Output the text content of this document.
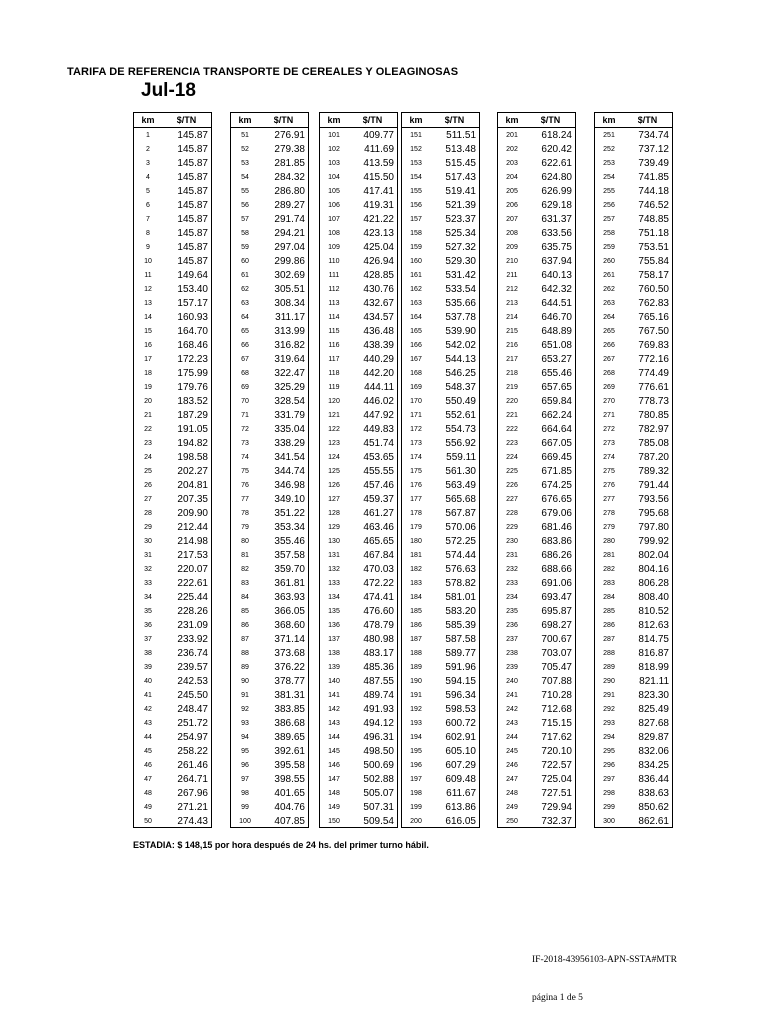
TARIFA DE REFERENCIA TRANSPORTE DE CEREALES Y OLEAGINOSAS
Jul-18
km	$/TN
1	145.87
2	145.87
3	145.87
4	145.87
5	145.87
6	145.87
7	145.87
8	145.87
9	145.87
10	145.87
11	149.64
12	153.40
13	157.17
14	160.93
15	164.70
16	168.46
17	172.23
18	175.99
19	179.76
20	183.52
21	187.29
22	191.05
23	194.82
24	198.58
25	202.27
26	204.81
27	207.35
28	209.90
29	212.44
30	214.98
31	217.53
32	220.07
33	222.61
34	225.44
35	228.26
36	231.09
37	233.92
38	236.74
39	239.57
40	242.53
41	245.50
42	248.47
43	251.72
44	254.97
45	258.22
46	261.46
47	264.71
48	267.96
49	271.21
50	274.43
km	$/TN
51	276.91
52	279.38
53	281.85
54	284.32
55	286.80
56	289.27
57	291.74
58	294.21
59	297.04
60	299.86
61	302.69
62	305.51
63	308.34
64	311.17
65	313.99
66	316.82
67	319.64
68	322.47
69	325.29
70	328.54
71	331.79
72	335.04
73	338.29
74	341.54
75	344.74
76	346.98
77	349.10
78	351.22
79	353.34
80	355.46
81	357.58
82	359.70
83	361.81
84	363.93
85	366.05
86	368.60
87	371.14
88	373.68
89	376.22
90	378.77
91	381.31
92	383.85
93	386.68
94	389.65
95	392.61
96	395.58
97	398.55
98	401.65
99	404.76
100	407.85
km	$/TN
101	409.77
102	411.69
103	413.59
104	415.50
105	417.41
106	419.31
107	421.22
108	423.13
109	425.04
110	426.94
111	428.85
112	430.76
113	432.67
114	434.57
115	436.48
116	438.39
117	440.29
118	442.20
119	444.11
120	446.02
121	447.92
122	449.83
123	451.74
124	453.65
125	455.55
126	457.46
127	459.37
128	461.27
129	463.46
130	465.65
131	467.84
132	470.03
133	472.22
134	474.41
135	476.60
136	478.79
137	480.98
138	483.17
139	485.36
140	487.55
141	489.74
142	491.93
143	494.12
144	496.31
145	498.50
146	500.69
147	502.88
148	505.07
149	507.31
150	509.54
km	$/TN
151	511.51
152	513.48
153	515.45
154	517.43
155	519.41
156	521.39
157	523.37
158	525.34
159	527.32
160	529.30
161	531.42
162	533.54
163	535.66
164	537.78
165	539.90
166	542.02
167	544.13
168	546.25
169	548.37
170	550.49
171	552.61
172	554.73
173	556.92
174	559.11
175	561.30
176	563.49
177	565.68
178	567.87
179	570.06
180	572.25
181	574.44
182	576.63
183	578.82
184	581.01
185	583.20
186	585.39
187	587.58
188	589.77
189	591.96
190	594.15
191	596.34
192	598.53
193	600.72
194	602.91
195	605.10
196	607.29
197	609.48
198	611.67
199	613.86
200	616.05
km	$/TN
201	618.24
202	620.42
203	622.61
204	624.80
205	626.99
206	629.18
207	631.37
208	633.56
209	635.75
210	637.94
211	640.13
212	642.32
213	644.51
214	646.70
215	648.89
216	651.08
217	653.27
218	655.46
219	657.65
220	659.84
221	662.24
222	664.64
223	667.05
224	669.45
225	671.85
226	674.25
227	676.65
228	679.06
229	681.46
230	683.86
231	686.26
232	688.66
233	691.06
234	693.47
235	695.87
236	698.27
237	700.67
238	703.07
239	705.47
240	707.88
241	710.28
242	712.68
243	715.15
244	717.62
245	720.10
246	722.57
247	725.04
248	727.51
249	729.94
250	732.37
km	$/TN
251	734.74
252	737.12
253	739.49
254	741.85
255	744.18
256	746.52
257	748.85
258	751.18
259	753.51
260	755.84
261	758.17
262	760.50
263	762.83
264	765.16
265	767.50
266	769.83
267	772.16
268	774.49
269	776.61
270	778.73
271	780.85
272	782.97
273	785.08
274	787.20
275	789.32
276	791.44
277	793.56
278	795.68
279	797.80
280	799.92
281	802.04
282	804.16
283	806.28
284	808.40
285	810.52
286	812.63
287	814.75
288	816.87
289	818.99
290	821.11
291	823.30
292	825.49
293	827.68
294	829.87
295	832.06
296	834.25
297	836.44
298	838.63
299	850.62
300	862.61
ESTADIA: $ 148,15 por hora después de 24 hs. del primer turno hábil.
IF-2018-43956103-APN-SSTA#MTR
página 1 de 5
